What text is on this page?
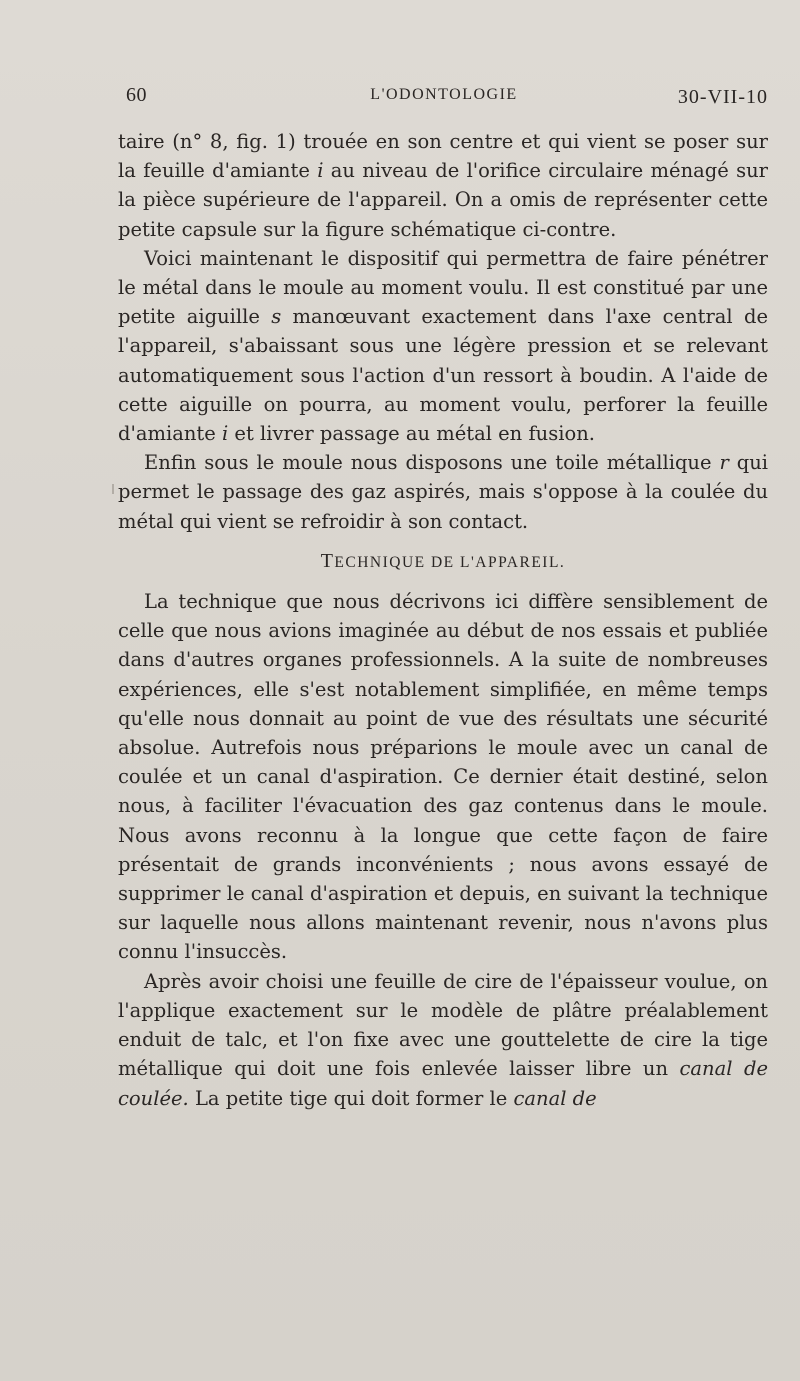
60	L'ODONTOLOGIE	30-VII-10

taire (n° 8, fig. 1) trouée en son centre et qui vient se poser sur la feuille d'amiante i au niveau de l'orifice circulaire ménagé sur la pièce supérieure de l'appareil. On a omis de représenter cette petite capsule sur la figure schématique ci-contre.

Voici maintenant le dispositif qui permettra de faire pénétrer le métal dans le moule au moment voulu. Il est constitué par une petite aiguille s manœuvant exactement dans l'axe central de l'appareil, s'abaissant sous une légère pression et se relevant automatiquement sous l'action d'un ressort à boudin. A l'aide de cette aiguille on pourra, au moment voulu, perforer la feuille d'amiante i et livrer passage au métal en fusion.

Enfin sous le moule nous disposons une toile métallique r qui permet le passage des gaz aspirés, mais s'oppose à la coulée du métal qui vient se refroidir à son contact.

TECHNIQUE DE L'APPAREIL.

La technique que nous décrivons ici diffère sensiblement de celle que nous avions imaginée au début de nos essais et publiée dans d'autres organes professionnels. A la suite de nombreuses expériences, elle s'est notablement simplifiée, en même temps qu'elle nous donnait au point de vue des résultats une sécurité absolue. Autrefois nous préparions le moule avec un canal de coulée et un canal d'aspiration. Ce dernier était destiné, selon nous, à faciliter l'évacuation des gaz contenus dans le moule. Nous avons reconnu à la longue que cette façon de faire présentait de grands inconvénients ; nous avons essayé de supprimer le canal d'aspiration et depuis, en suivant la technique sur laquelle nous allons maintenant revenir, nous n'avons plus connu l'insuccès.

Après avoir choisi une feuille de cire de l'épaisseur voulue, on l'applique exactement sur le modèle de plâtre préalablement enduit de talc, et l'on fixe avec une gouttelette de cire la tige métallique qui doit une fois enlevée laisser libre un canal de coulée. La petite tige qui doit former le canal de
